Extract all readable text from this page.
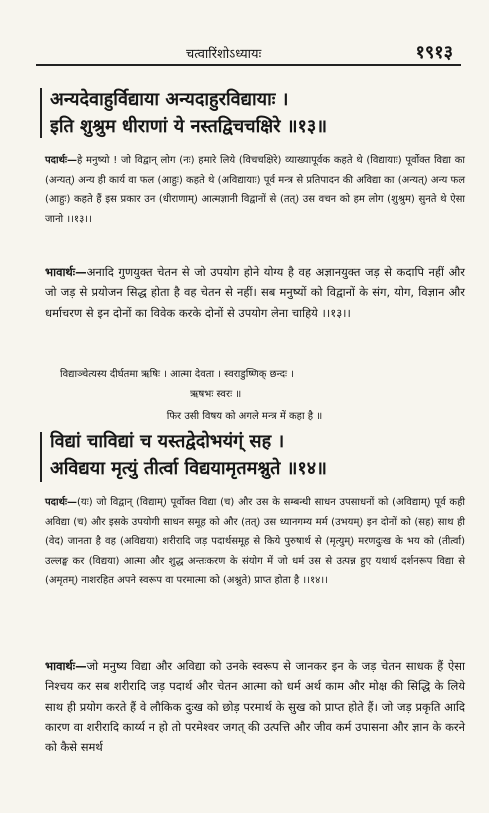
चत्वारिंशोऽध्यायः	१९१३
अन्यदेवाहुर्विद्याया अन्यदाहुरविद्यायाः ।
इति शुश्रुम धीराणां ये नस्तद्विचचक्षिरे ॥१३॥
पदार्थः—हे मनुष्यो ! जो विद्वान् लोग (नः) हमारे लिये (विचचक्षिरे) व्याख्यापूर्वक कहते थे (विद्यायाः) पूर्वोक्त विद्या का (अन्यत्) अन्य ही कार्य वा फल (आहुः) कहते थे (अविद्यायाः) पूर्व मन्त्र से प्रतिपादन की अविद्या का (अन्यत्) अन्य फल (आहुः) कहते हैं इस प्रकार उन (धीराणाम्) आत्मज्ञानी विद्वानों से (तत्) उस वचन को हम लोग (शुश्रुम) सुनते थे ऐसा जानो ।।१३।।
भावार्थः—अनादि गुणयुक्त चेतन से जो उपयोग होने योग्य है वह अज्ञानयुक्त जड़ से कदापि नहीं और जो जड़ से प्रयोजन सिद्ध होता है वह चेतन से नहीं। सब मनुष्यों को विद्वानों के संग, योग, विज्ञान और धर्माचरण से इन दोनों का विवेक करके दोनों से उपयोग लेना चाहिये ।।१३।।
विद्याञ्चेत्यस्य दीर्घतमा ऋषिः । आत्मा देवता । स्वराडुष्णिक् छन्दः ।
ऋषभः स्वरः ॥
फिर उसी विषय को अगले मन्त्र में कहा है ॥
विद्यां चाविद्यां च यस्तद्वेदोभयंग्ं सह ।
अविद्यया मृत्युं तीर्त्वा विद्ययामृतमश्नुते ॥१४॥
पदार्थः—(यः) जो विद्वान् (विद्याम्) पूर्वोक्त विद्या (च) और उस के सम्बन्धी साधन उपसाधनों को (अविद्याम्) पूर्व कही अविद्या (च) और इसके उपयोगी साधन समूह को और (तत्) उस ध्यानगम्य मर्म (उभयम्) इन दोनों को (सह) साथ ही (वेद) जानता है वह (अविद्यया) शरीरादि जड़ पदार्थसमूह से किये पुरुषार्थ से (मृत्युम्) मरणदुःख के भय को (तीर्त्वा) उल्लङ्घ कर (विद्यया) आत्मा और शुद्ध अन्तःकरण के संयोग में जो धर्म उस से उत्पन्न हुए यथार्थ दर्शनरूप विद्या से (अमृतम्) नाशरहित अपने स्वरूप वा परमात्मा को (अश्नुते) प्राप्त होता है ।।१४।।
भावार्थः—जो मनुष्य विद्या और अविद्या को उनके स्वरूप से जानकर इन के जड़ चेतन साधक हैं ऐसा निश्चय कर सब शरीरादि जड़ पदार्थ और चेतन आत्मा को धर्म अर्थ काम और मोक्ष की सिद्धि के लिये साथ ही प्रयोग करते हैं वे लौकिक दुःख को छोड़ परमार्थ के सुख को प्राप्त होते हैं। जो जड़ प्रकृति आदि कारण वा शरीरादि कार्य्य न हो तो परमेश्वर जगत् की उत्पत्ति और जीव कर्म उपासना और ज्ञान के करने को कैसे समर्थ
